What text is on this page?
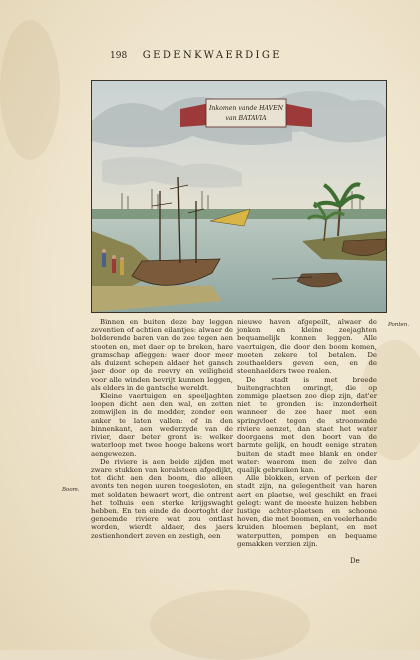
198 GEDENKWAERDIGE
Inkomen vande HAVEN
van BATAVIA

Binnen en buiten deze bay leggen zeventien of achtien eilantjes: alwaer de bolderende baren van de zee tegen aen stooten en, met daer op te breken, hare gramschap afleggen: waer door meer als duizent schepen aldaer het gansch jaer door op de reevry en veiligheid voor alle winden bevrijt kunnen leggen, als elders in de gantsche wereldt.

Kleine vaertuigen en speeljaghten loopen dicht aen den wal, en zetten zomwijlen in de modder, zonder een anker te laten vallen: of in den binnenkant, aen wederzyde van de rivier, daer beter gront is: welker waterloop met twee hooge bakens wort aengewezen.

De riviere is aen beide zijden met zware stukken van koralsteen afgedijkt, tot dicht aen den boom, die alleen avonts ten negen uuren toegesloten, en met soldaten bewaert wort, die ontrent het tolhuis een sterke krijgswaght hebben. En ten einde de doortoght der genoemde riviere wat zou ontlast worden, wierdt aldaer, des jaers zestienhondert zeven en zestigh, een

nieuwe haven afgepeilt, alwaer de jonken en kleine zeejaghten bequamelijk konnen leggen. Alle vaertuigen, die door den boom komen, moeten zekere tol betalen. De zouthaelders geven een, en de steenhaelders twee realen.

De stadt is met breede buitengrachten omringt, die op zommige plaetsen zoo diep zijn, dat'er niet te gronden is: inzonderheit wanneer de zee haer met een springvloet tegen de stroomende riviere aenzet, dan staet het water doorgaens met den boort van de barmte gelijk, en houdt eenige straten buiten de stadt mee blank en onder water: waerom men de zelve dan qualijk gebruiken kan.

Alle blokken, erven of perken der stadt zijn, na gelegentheit van haren aert en plaetse, wel geschikt en fraei gelegt: want de meeste huizen hebben lustige achter-plaetsen en schoone hoven, die met boomen, en veelerhande kruiden bloemen beplant, en met waterputten, pompen en bequame gemakken verzien zijn.

Ponten.
Boom.
De
